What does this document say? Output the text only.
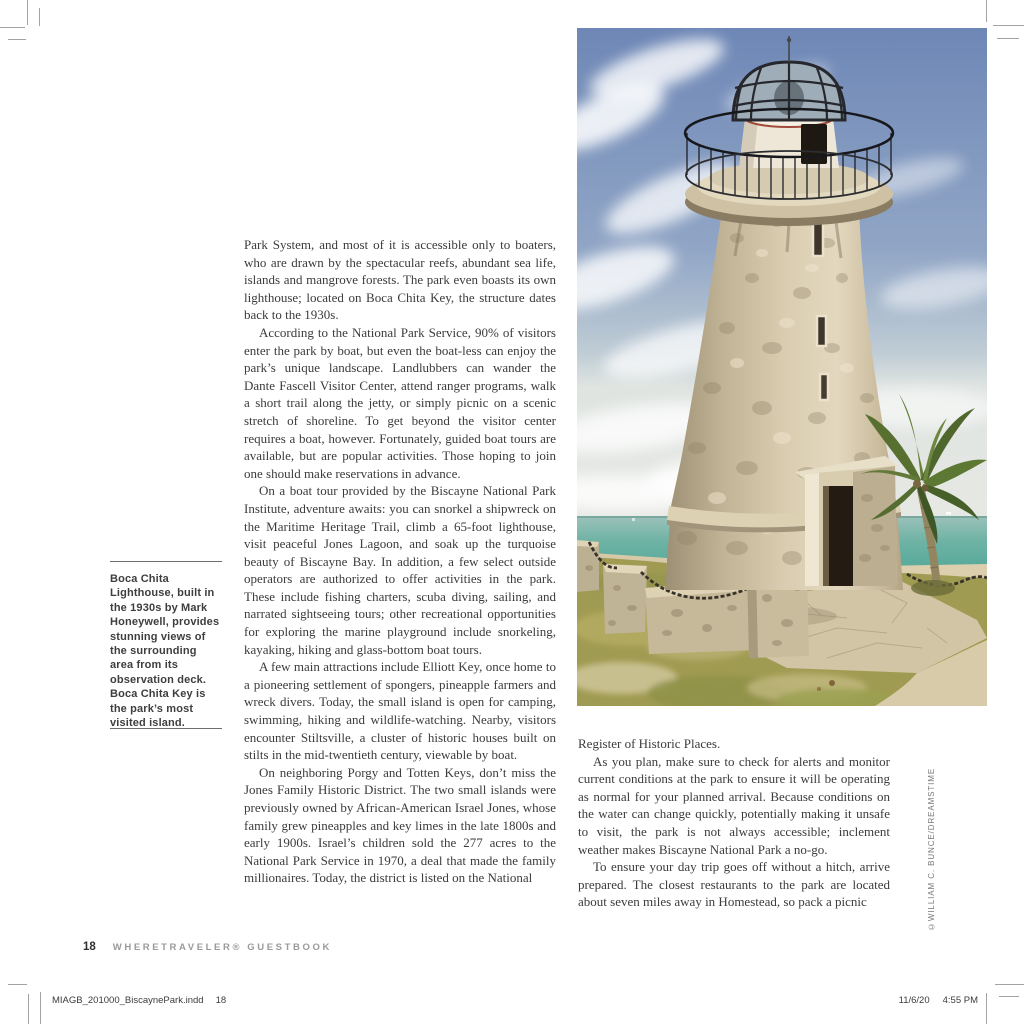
Boca Chita Lighthouse, built in the 1930s by Mark Honeywell, provides stunning views of the surrounding area from its observation deck. Boca Chita Key is the park’s most visited island.

Park System, and most of it is accessible only to boaters, who are drawn by the spectacular reefs, abundant sea life, islands and mangrove forests. The park even boasts its own lighthouse; located on Boca Chita Key, the structure dates back to the 1930s.

According to the National Park Service, 90% of visitors enter the park by boat, but even the boat-less can enjoy the park’s unique landscape. Landlubbers can wander the Dante Fascell Visitor Center, attend ranger programs, walk a short trail along the jetty, or simply picnic on a scenic stretch of shoreline. To get beyond the visitor center requires a boat, however. Fortunately, guided boat tours are available, but are popular activities. Those hoping to join one should make reservations in advance.

On a boat tour provided by the Biscayne National Park Institute, adventure awaits: you can snorkel a shipwreck on the Maritime Heritage Trail, climb a 65-foot lighthouse, visit peaceful Jones Lagoon, and soak up the turquoise beauty of Biscayne Bay. In addition, a few select outside operators are authorized to offer activities in the park. These include fishing charters, scuba diving, sailing, and narrated sightseeing tours; other recreational opportunities for exploring the marine playground include snorkeling, kayaking, hiking and glass-bottom boat tours.

A few main attractions include Elliott Key, once home to a pioneering settlement of spongers, pineapple farmers and wreck divers. Today, the small island is open for camping, swimming, hiking and wildlife-watching. Nearby, visitors encounter Stiltsville, a cluster of historic houses built on stilts in the mid-twentieth century, viewable by boat.

On neighboring Porgy and Totten Keys, don’t miss the Jones Family Historic District. The two small islands were previously owned by African-American Israel Jones, whose family grew pineapples and key limes in the late 1800s and early 1900s. Israel’s children sold the 277 acres to the National Park Service in 1970, a deal that made the family millionaires. Today, the district is listed on the National

Register of Historic Places.

As you plan, make sure to check for alerts and monitor current conditions at the park to ensure it will be operating as normal for your planned arrival. Because conditions on the water can change quickly, potentially making it unsafe to visit, the park is not always accessible; inclement weather makes Biscayne National Park a no-go.

To ensure your day trip goes off without a hitch, arrive prepared. The closest restaurants to the park are located about seven miles away in Homestead, so pack a picnic	©WILLIAM C. BUNCE/DREAMSTIME
18 WHERETRAVELER® GUESTBOOK
MIAGB_201000_BiscaynePark.indd 18	11/6/20 4:55 PM
